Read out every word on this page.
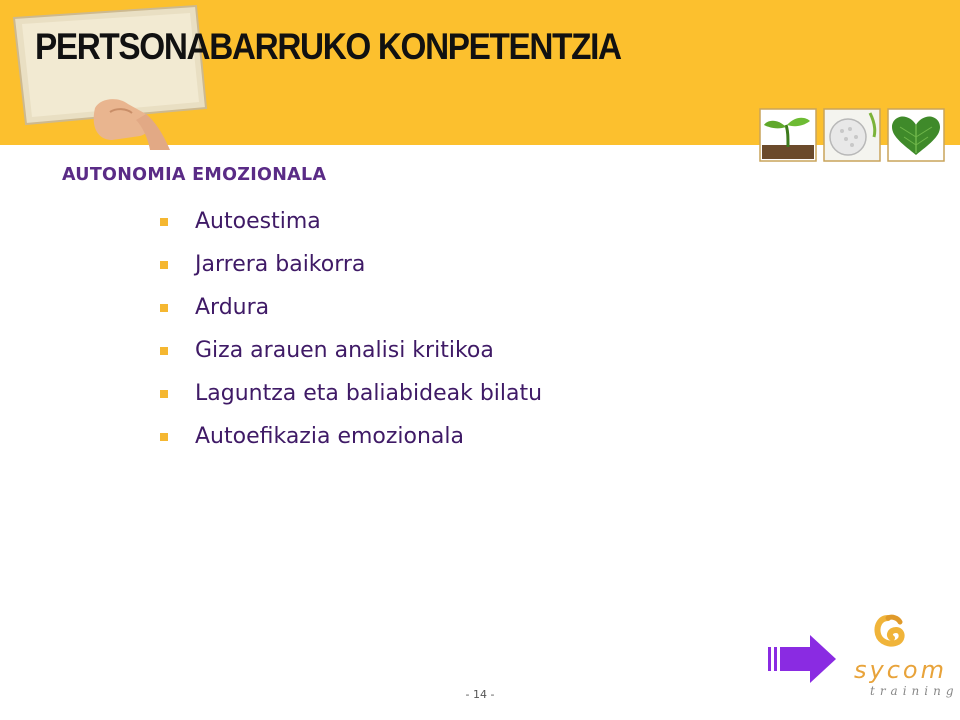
PERTSONABARRUKO KONPETENTZIA
AUTONOMIA EMOZIONALA
Autoestima
Jarrera baikorra
Ardura
Giza arauen analisi kritikoa
Laguntza eta baliabideak bilatu
Autoefikazia emozionala
sycom
training
- 14 -
